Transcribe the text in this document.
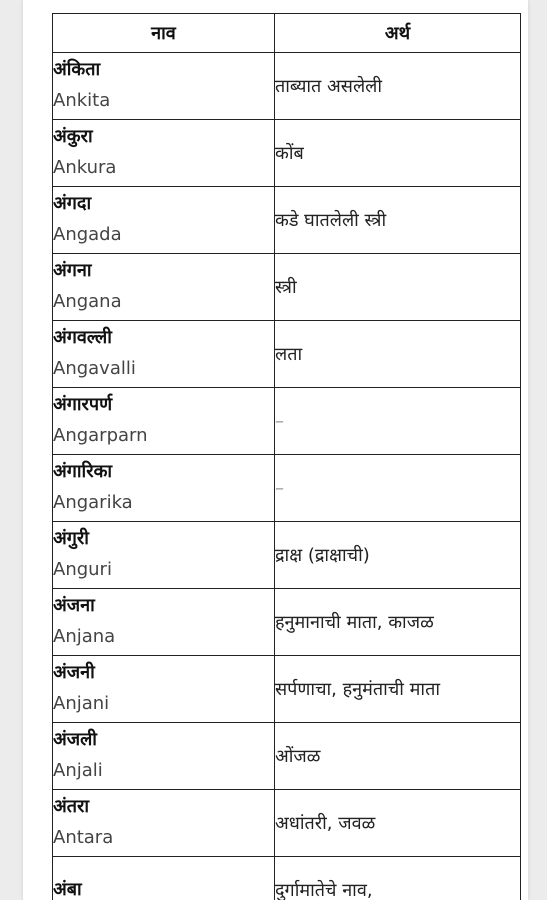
नाव	अर्थ

अंकिता
Ankita	ताब्यात असलेली

अंकुरा
Ankura	कोंब

अंगदा
Angada	कडे घातलेली स्त्री

अंगना
Angana	स्त्री

अंगवल्ली
Angavalli	लता

अंगारपर्ण
Angarparn	–

अंगारिका
Angarika	–

अंगुरी
Anguri	द्राक्ष (द्राक्षाची)

अंजना
Anjana	हनुमानाची माता, काजळ

अंजनी
Anjani	सर्पणाचा, हनुमंताची माता

अंजली
Anjali	ओंजळ

अंतरा
Antara	अधांतरी, जवळ

अंबा	दुर्गामातेचे नाव,
